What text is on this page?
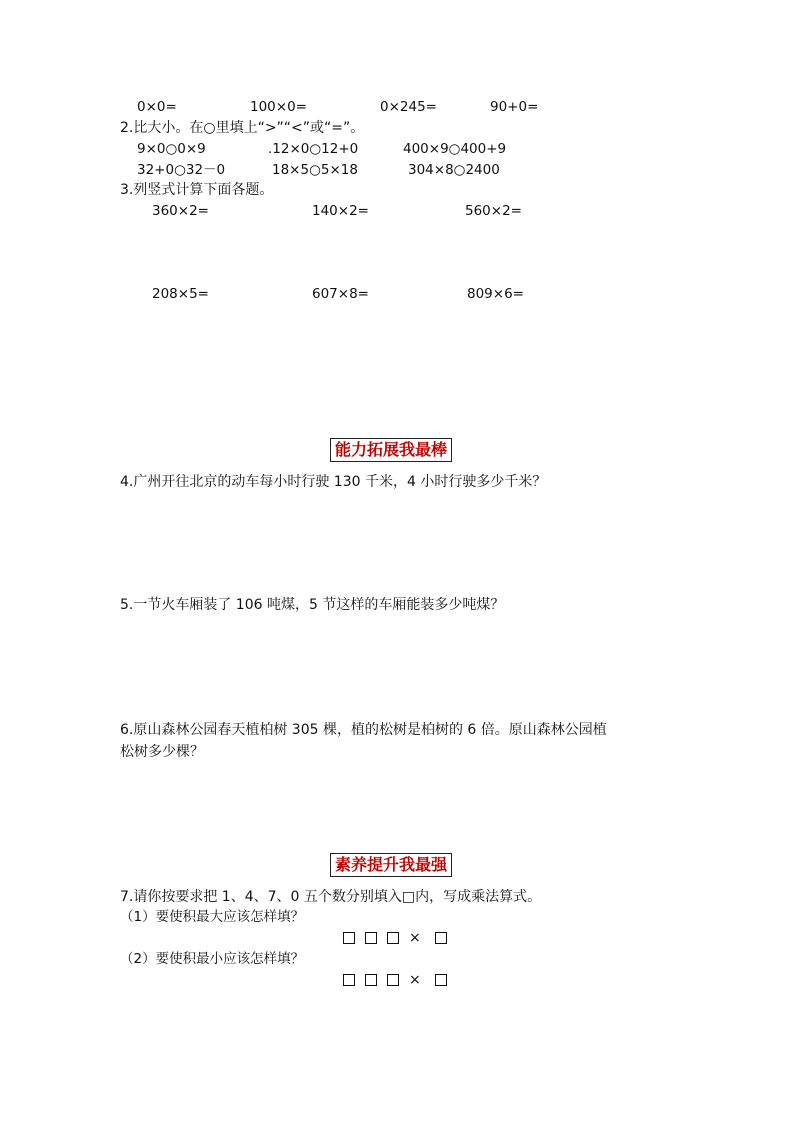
0×0=	100×0=	0×245=	90+0=
2.比大小。在○里填上“>”“<”或“=”。
9×0○0×9	.12×0○12+0	400×9○400+9
32+0○32－0	18×5○5×18	304×8○2400
3.列竖式计算下面各题。
360×2=	140×2=	560×2=
208×5=	607×8=	809×6=
能力拓展我最棒
4.广州开往北京的动车每小时行驶 130 千米，4 小时行驶多少千米？
5.一节火车厢装了 106 吨煤，5 节这样的车厢能装多少吨煤？
6.原山森林公园春天植柏树 305 棵，植的松树是柏树的 6 倍。原山森林公园植
松树多少棵？
素养提升我最强
7.请你按要求把 1、4、7、0 五个数分别填入□内，写成乘法算式。
（1）要使积最大应该怎样填？
×
（2）要使积最小应该怎样填？
×
